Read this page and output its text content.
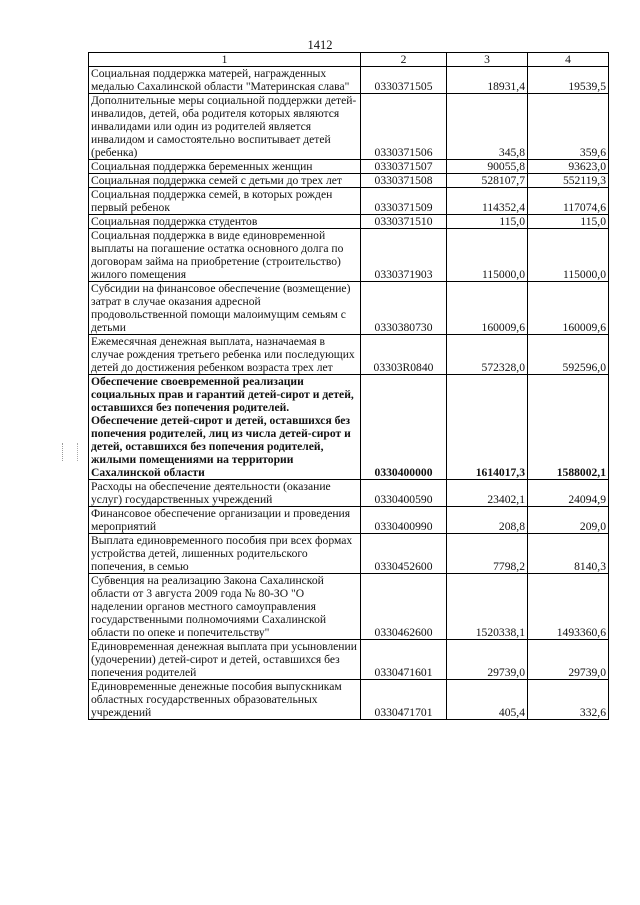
1412
1	2	3	4
Социальная поддержка матерей, награжденных медалью Сахалинской области "Материнская слава"	0330371505	18931,4	19539,5
Дополнительные меры социальной поддержки детей-инвалидов, детей, оба родителя которых являются инвалидами или один из родителей является инвалидом и самостоятельно воспитывает детей (ребенка)	0330371506	345,8	359,6
Социальная поддержка беременных женщин	0330371507	90055,8	93623,0
Социальная поддержка семей с детьми до трех лет	0330371508	528107,7	552119,3
Социальная поддержка семей, в которых рожден первый ребенок	0330371509	114352,4	117074,6
Социальная поддержка студентов	0330371510	115,0	115,0
Социальная поддержка в виде единовременной выплаты на погашение остатка основного долга по договорам займа на приобретение (строительство) жилого помещения	0330371903	115000,0	115000,0
Субсидии на финансовое обеспечение (возмещение) затрат в случае оказания адресной продовольственной помощи малоимущим семьям с детьми	0330380730	160009,6	160009,6
Ежемесячная денежная выплата, назначаемая в случае рождения третьего ребенка или последующих детей до достижения ребенком возраста трех лет	03303R0840	572328,0	592596,0
Обеспечение своевременной реализации социальных прав и гарантий детей-сирот и детей, оставшихся без попечения родителей. Обеспечение детей-сирот и детей, оставшихся без попечения родителей, лиц из числа детей-сирот и детей, оставшихся без попечения родителей, жилыми помещениями на территории Сахалинской области	0330400000	1614017,3	1588002,1
Расходы на обеспечение деятельности (оказание услуг) государственных учреждений	0330400590	23402,1	24094,9
Финансовое обеспечение организации и проведения мероприятий	0330400990	208,8	209,0
Выплата единовременного пособия при всех формах устройства детей, лишенных родительского попечения, в семью	0330452600	7798,2	8140,3
Субвенция на реализацию Закона Сахалинской области от 3 августа 2009 года № 80-ЗО "О наделении органов местного самоуправления государственными полномочиями Сахалинской области по опеке и попечительству"	0330462600	1520338,1	1493360,6
Единовременная денежная выплата при усыновлении (удочерении) детей-сирот и детей, оставшихся без попечения родителей	0330471601	29739,0	29739,0
Единовременные денежные пособия выпускникам областных государственных образовательных учреждений	0330471701	405,4	332,6
